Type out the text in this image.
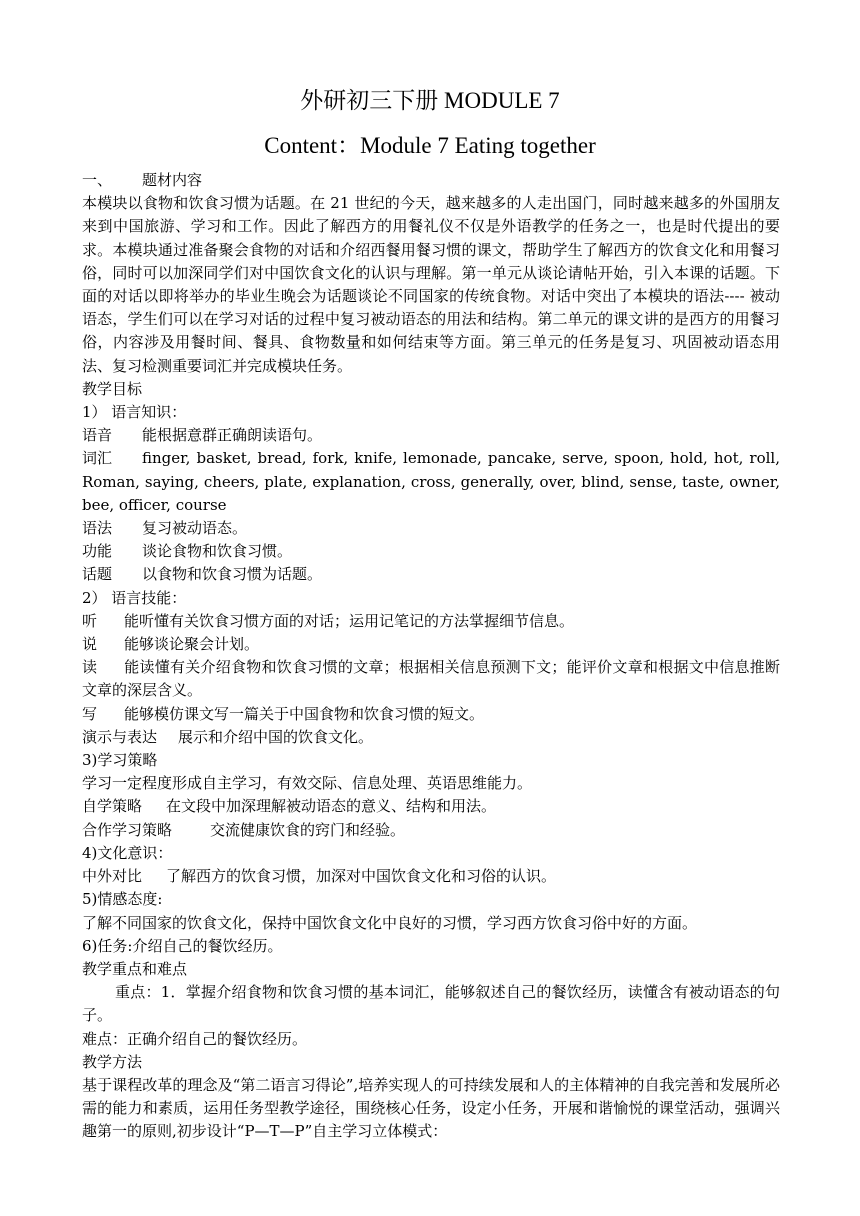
外研初三下册 MODULE 7
Content：Module 7 Eating together

一、 题材内容

本模块以食物和饮食习惯为话题。在 21 世纪的今天，越来越多的人走出国门，同时越来越多的外国朋友来到中国旅游、学习和工作。因此了解西方的用餐礼仪不仅是外语教学的任务之一，也是时代提出的要求。本模块通过准备聚会食物的对话和介绍西餐用餐习惯的课文，帮助学生了解西方的饮食文化和用餐习俗，同时可以加深同学们对中国饮食文化的认识与理解。第一单元从谈论请帖开始，引入本课的话题。下面的对话以即将举办的毕业生晚会为话题谈论不同国家的传统食物。对话中突出了本模块的语法---- 被动语态，学生们可以在学习对话的过程中复习被动语态的用法和结构。第二单元的课文讲的是西方的用餐习俗，内容涉及用餐时间、餐具、食物数量和如何结束等方面。第三单元的任务是复习、巩固被动语态用法、复习检测重要词汇并完成模块任务。

教学目标

1） 语言知识：

语音 能根据意群正确朗读语句。

词汇 finger, basket, bread, fork, knife, lemonade, pancake, serve, spoon, hold, hot, roll, Roman, saying, cheers, plate, explanation, cross, generally, over, blind, sense, taste, owner, bee, officer, course

语法 复习被动语态。

功能 谈论食物和饮食习惯。

话题 以食物和饮食习惯为话题。

2） 语言技能：

听 能听懂有关饮食习惯方面的对话；运用记笔记的方法掌握细节信息。

说 能够谈论聚会计划。

读 能读懂有关介绍食物和饮食习惯的文章；根据相关信息预测下文；能评价文章和根据文中信息推断文章的深层含义。

写 能够模仿课文写一篇关于中国食物和饮食习惯的短文。

演示与表达 展示和介绍中国的饮食文化。

3)学习策略

学习一定程度形成自主学习，有效交际、信息处理、英语思维能力。

自学策略 在文段中加深理解被动语态的意义、结构和用法。

合作学习策略	交流健康饮食的窍门和经验。

4)文化意识：

中外对比 了解西方的饮食习惯，加深对中国饮食文化和习俗的认识。

5)情感态度:

了解不同国家的饮食文化，保持中国饮食文化中良好的习惯，学习西方饮食习俗中好的方面。

6)任务:介绍自己的餐饮经历。

教学重点和难点

重点：1．掌握介绍食物和饮食习惯的基本词汇，能够叙述自己的餐饮经历，读懂含有被动语态的句子。

难点：正确介绍自己的餐饮经历。

教学方法

基于课程改革的理念及“第二语言习得论”,培养实现人的可持续发展和人的主体精神的自我完善和发展所必需的能力和素质，运用任务型教学途径，围绕核心任务，设定小任务，开展和谐愉悦的课堂活动，强调兴趣第一的原则,初步设计“P—T—P”自主学习立体模式：
